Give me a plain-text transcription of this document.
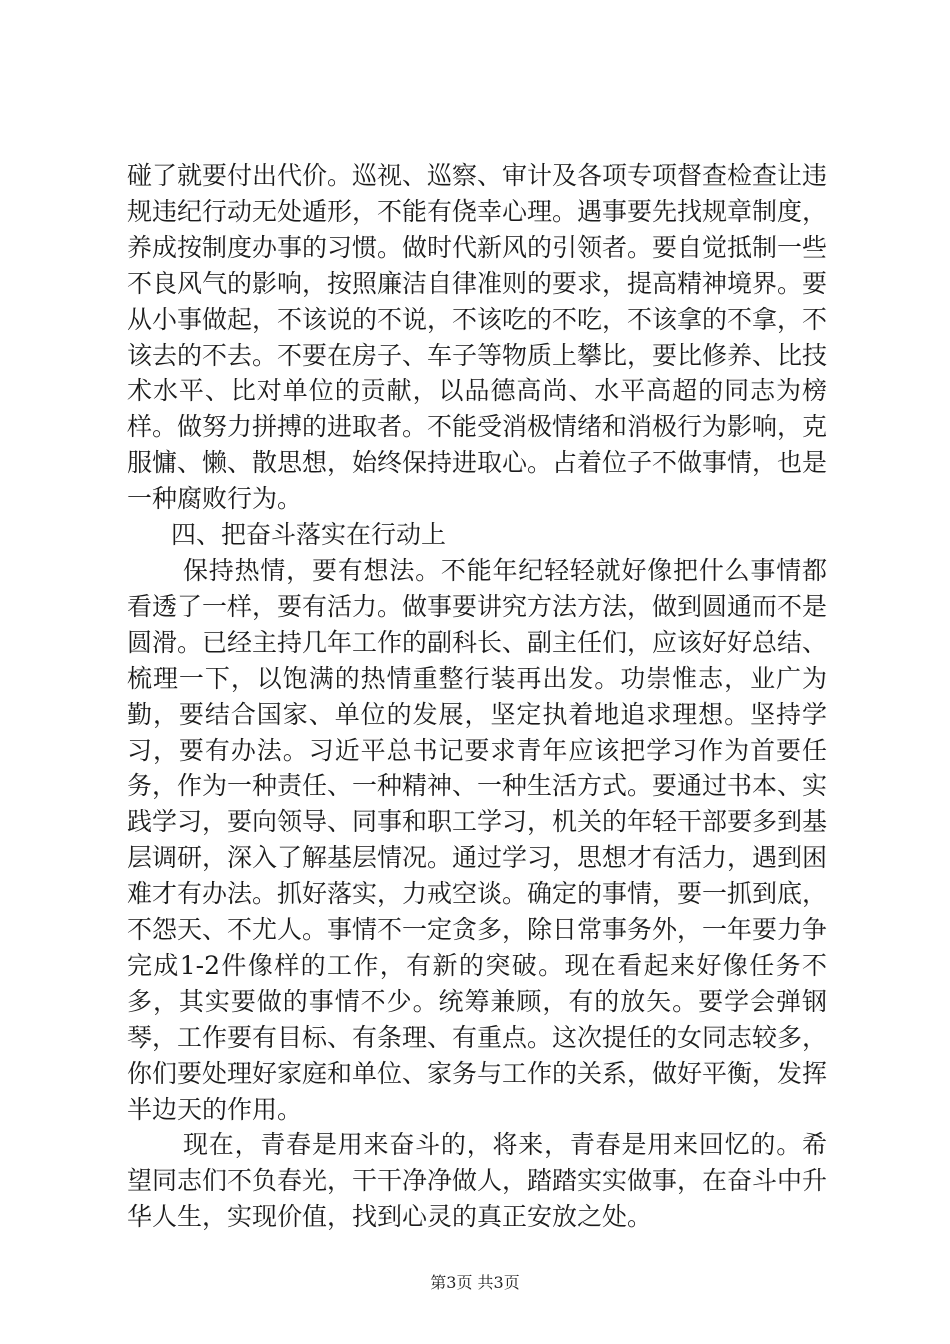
碰了就要付出代价。巡视、巡察、审计及各项专项督查检查让违规违纪行动无处遁形，不能有侥幸心理。遇事要先找规章制度，养成按制度办事的习惯。做时代新风的引领者。要自觉抵制一些不良风气的影响，按照廉洁自律准则的要求，提高精神境界。要从小事做起，不该说的不说，不该吃的不吃，不该拿的不拿，不该去的不去。不要在房子、车子等物质上攀比，要比修养、比技术水平、比对单位的贡献，以品德高尚、水平高超的同志为榜样。做努力拼搏的进取者。不能受消极情绪和消极行为影响，克服慵、懒、散思想，始终保持进取心。占着位子不做事情，也是一种腐败行为。

四、把奋斗落实在行动上

保持热情，要有想法。不能年纪轻轻就好像把什么事情都看透了一样，要有活力。做事要讲究方法方法，做到圆通而不是圆滑。已经主持几年工作的副科长、副主任们，应该好好总结、梳理一下，以饱满的热情重整行装再出发。功崇惟志，业广为勤，要结合国家、单位的发展，坚定执着地追求理想。坚持学习，要有办法。习近平总书记要求青年应该把学习作为首要任务，作为一种责任、一种精神、一种生活方式。要通过书本、实践学习，要向领导、同事和职工学习，机关的年轻干部要多到基层调研，深入了解基层情况。通过学习，思想才有活力，遇到困难才有办法。抓好落实，力戒空谈。确定的事情，要一抓到底，不怨天、不尤人。事情不一定贪多，除日常事务外，一年要力争完成1-2件像样的工作，有新的突破。现在看起来好像任务不多，其实要做的事情不少。统筹兼顾，有的放矢。要学会弹钢琴，工作要有目标、有条理、有重点。这次提任的女同志较多，你们要处理好家庭和单位、家务与工作的关系，做好平衡，发挥半边天的作用。

现在，青春是用来奋斗的，将来，青春是用来回忆的。希望同志们不负春光，干干净净做人，踏踏实实做事，在奋斗中升华人生，实现价值，找到心灵的真正安放之处。

第3页 共3页
